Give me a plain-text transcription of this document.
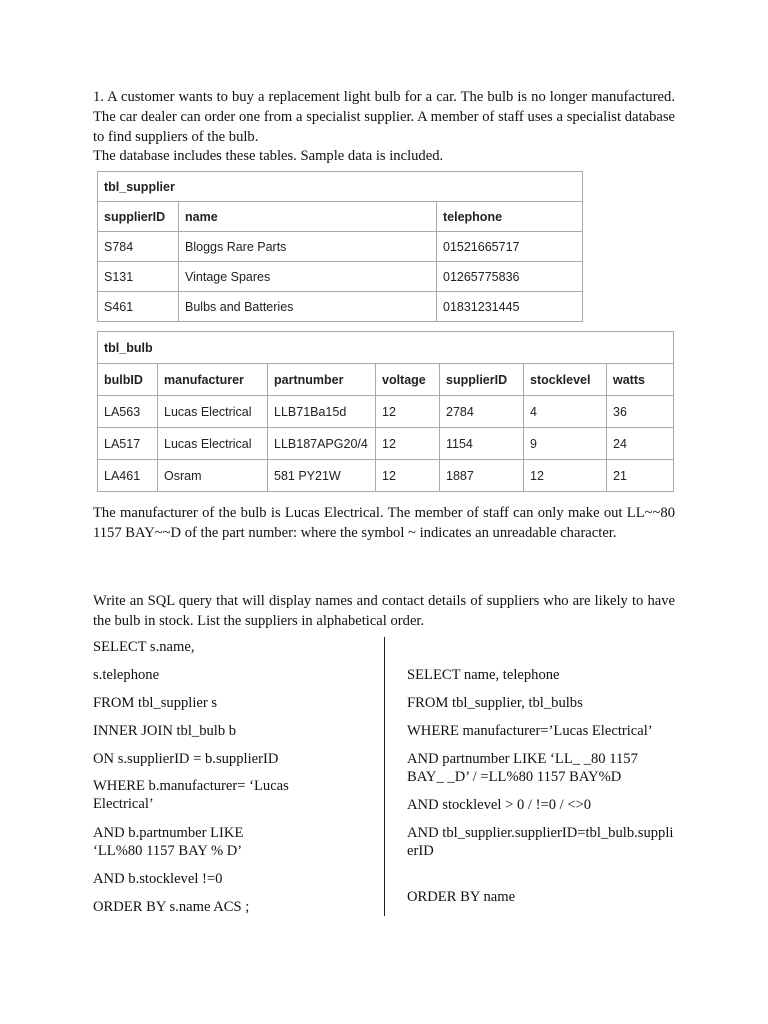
1. A customer wants to buy a replacement light bulb for a car. The bulb is no longer manufactured. The car dealer can order one from a specialist supplier. A member of staff uses a specialist database to find suppliers of the bulb.

The database includes these tables. Sample data is included.

tbl_supplier		
supplierID	name	telephone
S784	Bloggs Rare Parts	01521665717
S131	Vintage Spares	01265775836
S461	Bulbs and Batteries	01831231445
tbl_bulb						
bulbID	manufacturer	partnumber	voltage	supplierID	stocklevel	watts
LA563	Lucas Electrical	LLB71Ba15d	12	2784	4	36
LA517	Lucas Electrical	LLB187APG20/4	12	1154	9	24
LA461	Osram	581 PY21W	12	1887	12	21

The manufacturer of the bulb is Lucas Electrical. The member of staff can only make out LL~~80 1157 BAY~~D of the part number: where the symbol ~ indicates an unreadable character.

Write an SQL query that will display names and contact details of suppliers who are likely to have the bulb in stock. List the suppliers in alphabetical order.

SELECT s.name,
s.telephone
FROM tbl_supplier s
INNER JOIN tbl_bulb b
ON s.supplierID = b.supplierID
WHERE b.manufacturer= ‘Lucas Electrical’
AND b.partnumber LIKE ‘LL%80 1157 BAY % D’
AND b.stocklevel !=0
ORDER BY s.name ACS ;
SELECT name, telephone
FROM tbl_supplier, tbl_bulbs
WHERE manufacturer=’Lucas Electrical’
AND partnumber LIKE ‘LL_ _80 1157 BAY_ _D’ / =LL%80 1157 BAY%D
AND stocklevel > 0 / !=0 / <>0
AND tbl_supplier.supplierID=tbl_bulb.supplierID
ORDER BY name
